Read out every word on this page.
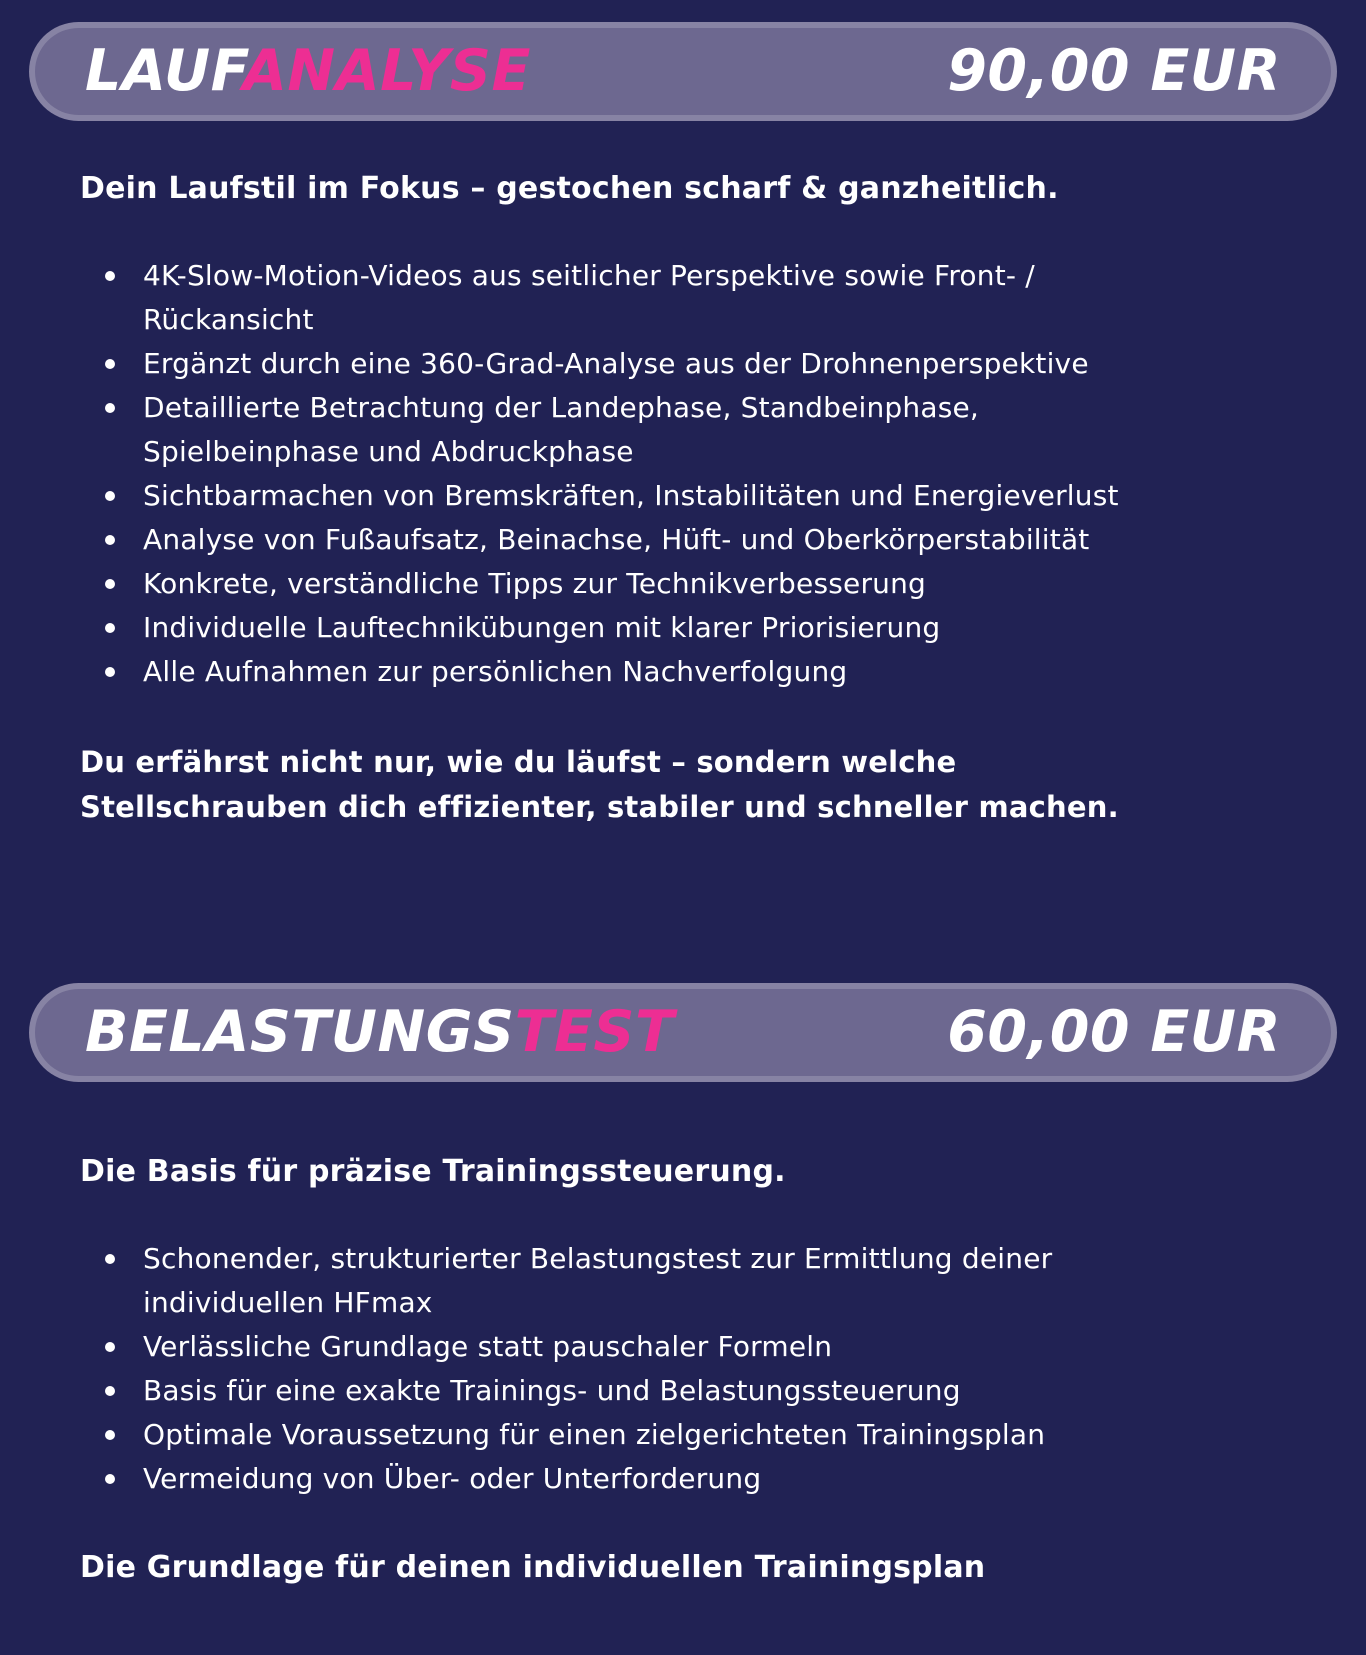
LAUFANALYSE	90,00 EUR

Dein Laufstil im Fokus – gestochen scharf & ganzheitlich.

4K-Slow-Motion-Videos aus seitlicher Perspektive sowie Front- / Rückansicht
Ergänzt durch eine 360-Grad-Analyse aus der Drohnenperspektive
Detaillierte Betrachtung der Landephase, Standbeinphase, Spielbeinphase und Abdruckphase
Sichtbarmachen von Bremskräften, Instabilitäten und Energieverlust
Analyse von Fußaufsatz, Beinachse, Hüft- und Oberkörperstabilität
Konkrete, verständliche Tipps zur Technikverbesserung
Individuelle Lauftechnikübungen mit klarer Priorisierung
Alle Aufnahmen zur persönlichen Nachverfolgung

Du erfährst nicht nur, wie du läufst – sondern welche Stellschrauben dich effizienter, stabiler und schneller machen.

BELASTUNGSTEST	60,00 EUR

Die Basis für präzise Trainingssteuerung.

Schonender, strukturierter Belastungstest zur Ermittlung deiner individuellen HFmax
Verlässliche Grundlage statt pauschaler Formeln
Basis für eine exakte Trainings- und Belastungssteuerung
Optimale Voraussetzung für einen zielgerichteten Trainingsplan
Vermeidung von Über- oder Unterforderung

Die Grundlage für deinen individuellen Trainingsplan
